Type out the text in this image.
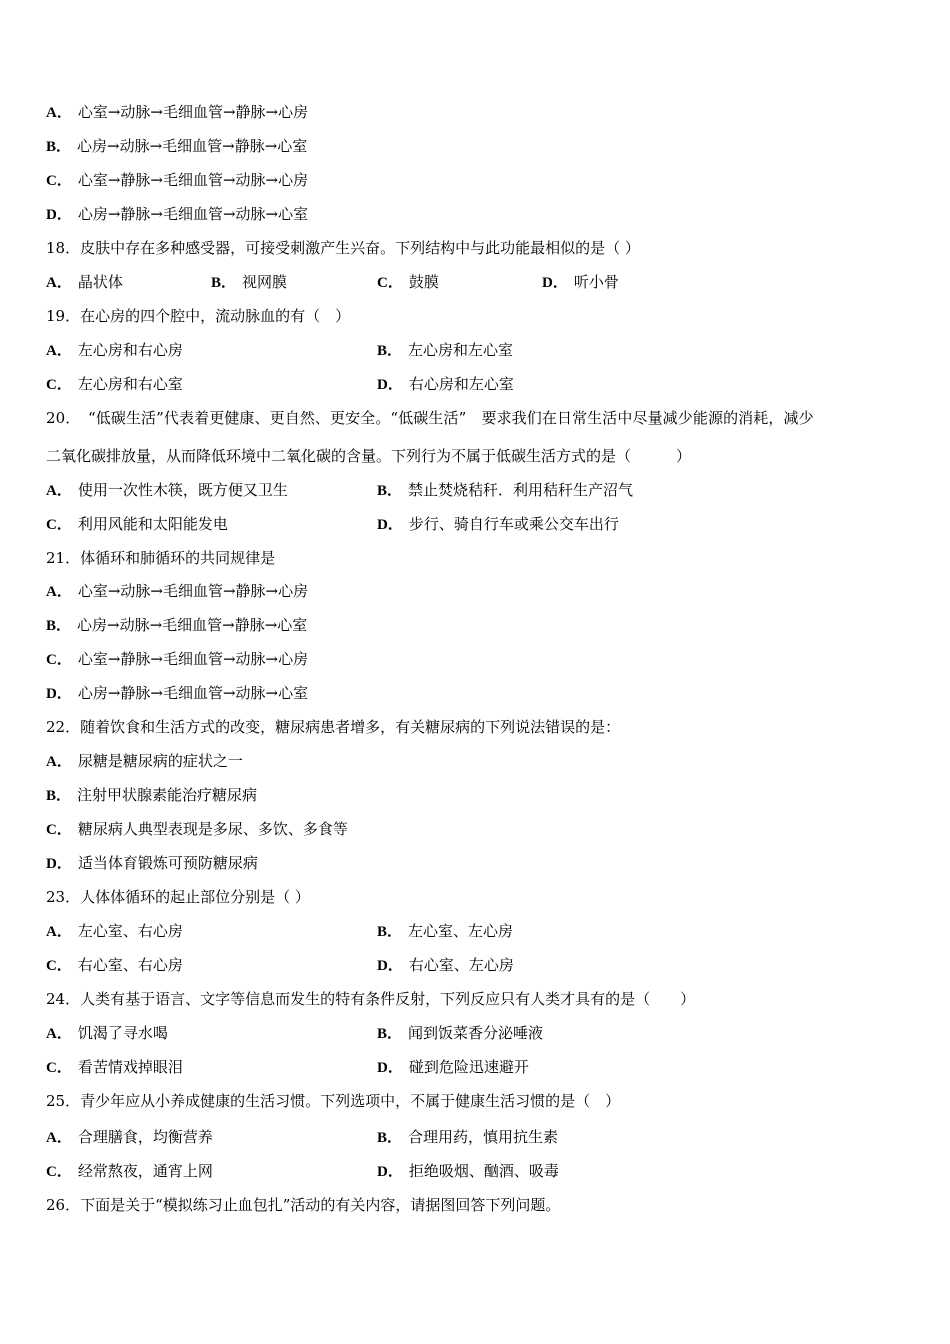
A． 心室→动脉→毛细血管→静脉→心房
B． 心房→动脉→毛细血管→静脉→心室
C． 心室→静脉→毛细血管→动脉→心房
D． 心房→静脉→毛细血管→动脉→心室
18．皮肤中存在多种感受器，可接受刺激产生兴奋。下列结构中与此功能最相似的是（ ）
A． 晶状体	B． 视网膜	C． 鼓膜	D． 听小骨
19．在心房的四个腔中，流动脉血的有（　）
A． 左心房和右心房	B． 左心房和左心室
C． 左心房和右心室	D． 右心房和左心室
20．　“低碳生活”代表着更健康、更自然、更安全。“低碳生活”　要求我们在日常生活中尽量减少能源的消耗，减少
二氧化碳排放量，从而降低环境中二氧化碳的含量。下列行为不属于低碳生活方式的是（　　　）
A． 使用一次性木筷，既方便又卫生	B． 禁止焚烧秸秆．利用秸秆生产沼气
C． 利用风能和太阳能发电	D． 步行、骑自行车或乘公交车出行
21．体循环和肺循环的共同规律是
A． 心室→动脉→毛细血管→静脉→心房
B． 心房→动脉→毛细血管→静脉→心室
C． 心室→静脉→毛细血管→动脉→心房
D． 心房→静脉→毛细血管→动脉→心室
22．随着饮食和生活方式的改变，糖尿病患者增多，有关糖尿病的下列说法错误的是：
A． 尿糖是糖尿病的症状之一
B． 注射甲状腺素能治疗糖尿病
C． 糖尿病人典型表现是多尿、多饮、多食等
D． 适当体育锻炼可预防糖尿病
23．人体体循环的起止部位分别是（ ）
A． 左心室、右心房	B． 左心室、左心房
C． 右心室、右心房	D． 右心室、左心房
24．人类有基于语言、文字等信息而发生的特有条件反射，下列反应只有人类才具有的是（　　）
A． 饥渴了寻水喝	B． 闻到饭菜香分泌唾液
C． 看苦情戏掉眼泪	D． 碰到危险迅速避开
25．青少年应从小养成健康的生活习惯。下列选项中，不属于健康生活习惯的是（　）
A． 合理膳食，均衡营养	B． 合理用药，慎用抗生素
C． 经常熬夜，通宵上网	D． 拒绝吸烟、酗酒、吸毒
26．下面是关于“模拟练习止血包扎”活动的有关内容，请据图回答下列问题。
